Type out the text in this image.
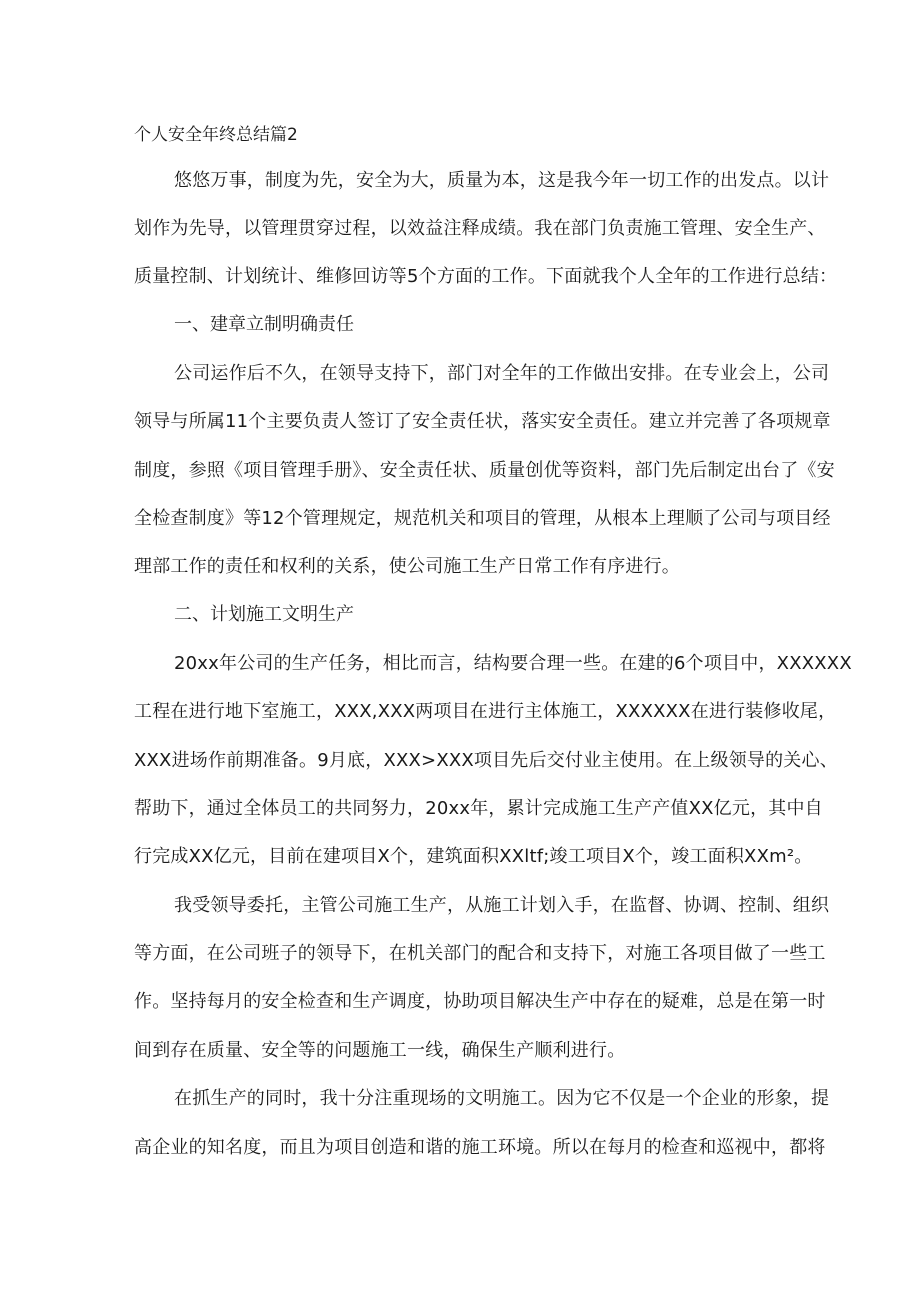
个人安全年终总结篇2
悠悠万事，制度为先，安全为大，质量为本，这是我今年一切工作的出发点。以计
划作为先导，以管理贯穿过程，以效益注释成绩。我在部门负责施工管理、安全生产、
质量控制、计划统计、维修回访等5个方面的工作。下面就我个人全年的工作进行总结：
一、建章立制明确责任
公司运作后不久，在领导支持下，部门对全年的工作做出安排。在专业会上，公司
领导与所属11个主要负责人签订了安全责任状，落实安全责任。建立并完善了各项规章
制度，参照《项目管理手册》、安全责任状、质量创优等资料，部门先后制定出台了《安
全检查制度》等12个管理规定，规范机关和项目的管理，从根本上理顺了公司与项目经
理部工作的责任和权利的关系，使公司施工生产日常工作有序进行。
二、计划施工文明生产
20xx年公司的生产任务，相比而言，结构要合理一些。在建的6个项目中，XXXXXX
工程在进行地下室施工，XXX,XXX两项目在进行主体施工，XXXXXX在进行装修收尾，
XXX进场作前期准备。9月底，XXX>XXX项目先后交付业主使用。在上级领导的关心、
帮助下，通过全体员工的共同努力，20xx年，累计完成施工生产产值XX亿元，其中自
行完成XX亿元，目前在建项目X个，建筑面积XXltf;竣工项目X个，竣工面积XXm²。
我受领导委托，主管公司施工生产，从施工计划入手，在监督、协调、控制、组织
等方面，在公司班子的领导下，在机关部门的配合和支持下，对施工各项目做了一些工
作。坚持每月的安全检查和生产调度，协助项目解决生产中存在的疑难，总是在第一时
间到存在质量、安全等的问题施工一线，确保生产顺利进行。
在抓生产的同时，我十分注重现场的文明施工。因为它不仅是一个企业的形象，提
高企业的知名度，而且为项目创造和谐的施工环境。所以在每月的检查和巡视中，都将
